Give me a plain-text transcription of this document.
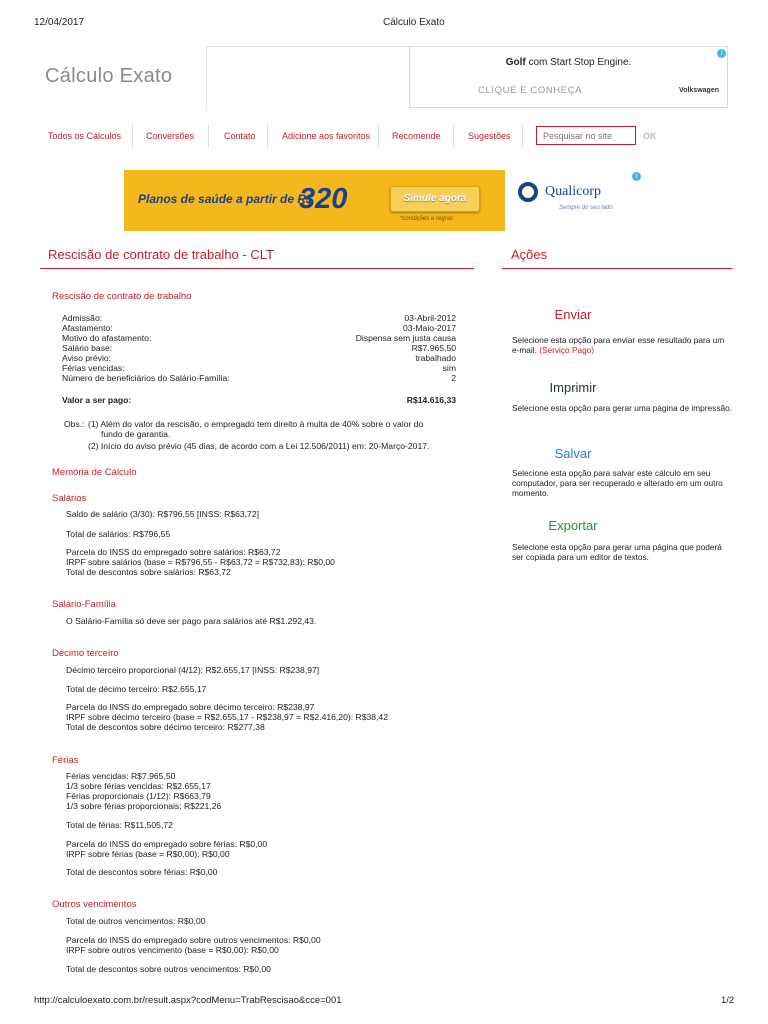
12/04/2017	Cálculo Exato
Cálculo Exato
Golf com Start Stop Engine.
CLIQUE E CONHEÇA	Volkswagen
i
Todos os Cálculos	Conversões	Contato	Adicione aos favoritos Recomende	Sugestões
Pesquisar no site	OK
Planos de saúde a partir de R$
320	Simule agora
*condições e regras
Qualicorp
Sempre do seu lado
i
Rescisão de contrato de trabalho - CLT	Ações
Rescisão de contrato de trabalho
Admissão:	03-Abril-2012
Afastamento:	03-Maio-2017
Motivo do afastamento:	Dispensa sem justa causa
Salário base:	R$7.965,50
Aviso prévio:	trabalhado
Férias vencidas:	sim
Número de beneficiários do Salário-Família:	2
Valor a ser pago:	R$14.616,33
Obs.: (1) Além do valor da rescisão, o empregado tem direito à multa de 40% sobre o valor do
fundo de garantia.
(2) Início do aviso prévio (45 dias, de acordo com a Lei 12.506/2011) em: 20-Março-2017.
Memória de Cálculo
Salários
Saldo de salário (3/30): R$796,55 [INSS: R$63,72]
Total de salários: R$796,55
Parcela do INSS do empregado sobre salários: R$63,72
IRPF sobre salários (base = R$796,55 - R$63,72 = R$732,83): R$0,00
Total de descontos sobre salários: R$63,72
Salário-Família
O Salário-Família só deve ser pago para salários até R$1.292,43.
Décimo terceiro
Décimo terceiro proporcional (4/12): R$2.655,17 [INSS: R$238,97]
Total de décimo terceiro: R$2.655,17
Parcela do INSS do empregado sobre décimo terceiro: R$238,97
IRPF sobre décimo terceiro (base = R$2.655,17 - R$238,97 = R$2.416,20): R$38,42
Total de descontos sobre décimo terceiro: R$277,38
Férias
Férias vencidas: R$7.965,50
1/3 sobre férias vencidas: R$2.655,17
Férias proporcionais (1/12): R$663,79
1/3 sobre férias proporcionais: R$221,26
Total de férias: R$11.505,72
Parcela do INSS do empregado sobre férias: R$0,00
IRPF sobre férias (base = R$0,00): R$0,00
Total de descontos sobre férias: R$0,00
Outros vencimentos
Total de outros vencimentos: R$0,00
Parcela do INSS do empregado sobre outros vencimentos: R$0,00
IRPF sobre outros vencimento (base = R$0,00): R$0,00
Total de descontos sobre outros vencimentos: R$0,00
Enviar
Selecione esta opção para enviar esse resultado para um e-mail. (Serviço Pago)
Imprimir
Selecione esta opção para gerar uma página de impressão.
Salvar
Selecione esta opção para salvar este cálculo em seu computador, para ser recuperado e alterado em um outro momento.
Exportar
Selecione esta opção para gerar uma página que poderá ser copiada para um editor de textos.
http://calculoexato.com.br/result.aspx?codMenu=TrabRescisao&cce=001	1/2
